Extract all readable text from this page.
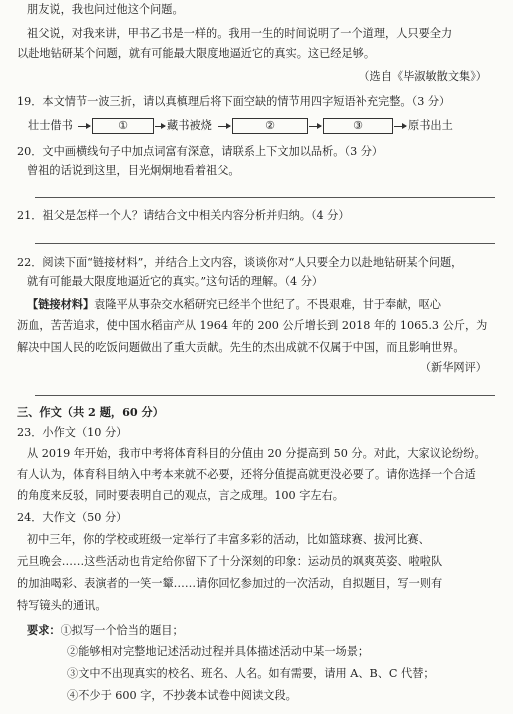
朋友说，我也问过他这个问题。
祖父说，对我来讲，甲书乙书是一样的。我用一生的时间说明了一个道理，人只要全力
以赴地钻研某个问题，就有可能最大限度地逼近它的真实。这已经足够。
（选自《毕淑敏散文集》）
19．本文情节一波三折，请以真槙理后将下面空缺的情节用四字短语补充完整。（3 分）
壮士借书	①	藏书被烧	②	③	原书出土
20．文中画横线句子中加点词富有深意，请联系上下文加以品析。（3 分）
曾祖的话说到这里，目光炯炯地看着祖父。
21．祖父是怎样一个人？请结合文中相关内容分析并归纳。（4 分）
22．阅读下面“链接材料”，并结合上文内容，谈谈你对“人只要全力以赴地钻研某个问题，
就有可能最大限度地逼近它的真实。”这句话的理解。（4 分）
【链接材料】袁隆平从事杂交水稻研究已经半个世纪了。不畏艰难，甘于奉献，呕心
沥血，苦苦追求，使中国水稻亩产从 1964 年的 200 公斤增长到 2018 年的 1065.3 公斤，为
解决中国人民的吃饭问题做出了重大贡献。先生的杰出成就不仅属于中国，而且影响世界。
（新华网评）
三、作文（共 2 题，60 分）
23．小作文（10 分）
从 2019 年开始，我市中考将体育科目的分值由 20 分提高到 50 分。对此，大家议论纷纷。
有人认为，体育科目纳入中考本来就不必要，还将分值提高就更没必要了。请你选择一个合适
的角度来反驳，同时要表明自己的观点，言之成理。100 字左右。
24．大作文（50 分）
初中三年，你的学校或班级一定举行了丰富多彩的活动，比如篮球赛、拔河比赛、
元旦晚会……这些活动也肯定给你留下了十分深刻的印象：运动员的飒爽英姿、啦啦队
的加油喝彩、表演者的一笑一颦……请你回忆参加过的一次活动，自拟题目，写一则有
特写镜头的通讯。
要求：①拟写一个恰当的题目；
②能够相对完整地记述活动过程并具体描述活动中某一场景；
③文中不出现真实的校名、班名、人名。如有需要，请用 A、B、C 代替；
④不少于 600 字，不抄袭本试卷中阅读文段。
